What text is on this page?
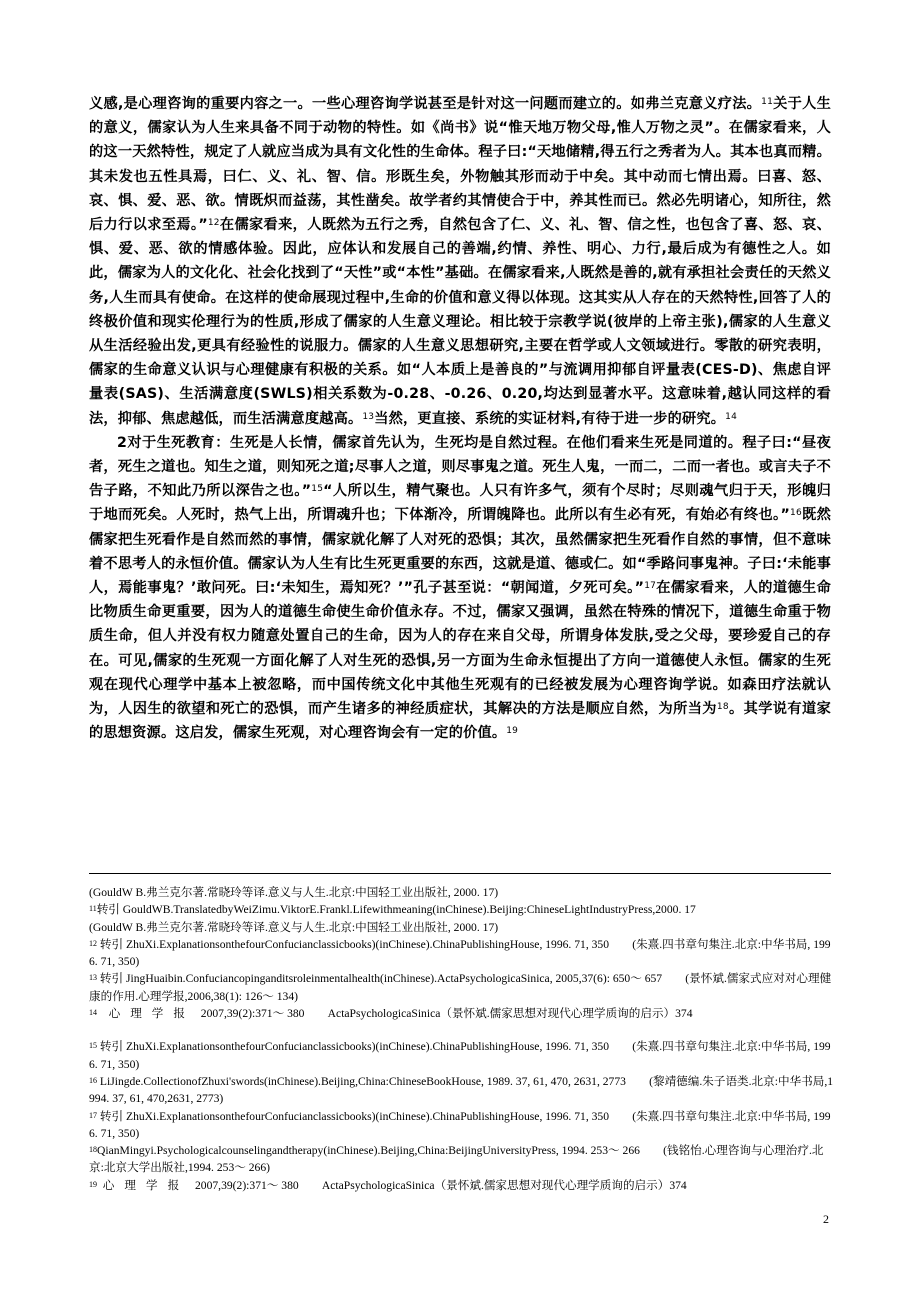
义感,是心理咨询的重要内容之一。一些心理咨询学说甚至是针对这一问题而建立的。如弗兰克意义疗法。$^{11}$关于人生的意义，儒家认为人生来具备不同于动物的特性。如《尚书》说“惟天地万物父母,惟人万物之灵”。在儒家看来，人的这一天然特性，规定了人就应当成为具有文化性的生命体。程子曰:“天地储精,得五行之秀者为人。其本也真而精。其未发也五性具焉，曰仁、义、礼、智、信。形既生矣，外物触其形而动于中矣。其中动而七情出焉。曰喜、怒、哀、惧、爱、恶、欲。情既炽而益荡，其性凿矣。故学者约其情使合于中，养其性而已。然必先明诸心，知所往，然后力行以求至焉。”$^{12}$在儒家看来，人既然为五行之秀，自然包含了仁、义、礼、智、信之性，也包含了喜、怒、哀、惧、爱、恶、欲的情感体验。因此，应体认和发展自己的善端,约情、养性、明心、力行,最后成为有德性之人。如此，儒家为人的文化化、社会化找到了“天性”或“本性”基础。在儒家看来,人既然是善的,就有承担社会责任的天然义务,人生而具有使命。在这样的使命展现过程中,生命的价值和意义得以体现。这其实从人存在的天然特性,回答了人的终极价值和现实伦理行为的性质,形成了儒家的人生意义理论。相比较于宗教学说(彼岸的上帝主张),儒家的人生意义从生活经验出发,更具有经验性的说服力。儒家的人生意义思想研究,主要在哲学或人文领域进行。零散的研究表明，儒家的生命意义认识与心理健康有积极的关系。如“人本质上是善良的”与流调用抑郁自评量表(CES-D)、焦虑自评量表(SAS)、生活满意度(SWLS)相关系数为-0.28、-0.26、0.20,均达到显著水平。这意味着,越认同这样的看法，抑郁、焦虑越低，而生活满意度越高。$^{13}$当然，更直接、系统的实证材料,有待于进一步的研究。$^{14}$

2对于生死教育：生死是人长情，儒家首先认为，生死均是自然过程。在他们看来生死是同道的。程子曰:“昼夜者，死生之道也。知生之道，则知死之道;尽事人之道，则尽事鬼之道。死生人鬼，一而二，二而一者也。或言夫子不告子路，不知此乃所以深告之也。”$^{15}$“人所以生，精气聚也。人只有许多气，须有个尽时；尽则魂气归于天，形魄归于地而死矣。人死时，热气上出，所谓魂升也；下体渐冷，所谓魄降也。此所以有生必有死，有始必有终也。”$^{16}$既然儒家把生死看作是自然而然的事情，儒家就化解了人对死的恐惧；其次，虽然儒家把生死看作自然的事情，但不意味着不思考人的永恒价值。儒家认为人生有比生死更重要的东西，这就是道、德或仁。如“季路问事鬼神。子曰:‘未能事人，焉能事鬼？’敢问死。曰:‘未知生，焉知死？’”孔子甚至说：“朝闻道，夕死可矣。”$^{17}$在儒家看来，人的道德生命比物质生命更重要，因为人的道德生命使生命价值永存。不过，儒家又强调，虽然在特殊的情况下，道德生命重于物质生命，但人并没有权力随意处置自己的生命，因为人的存在来自父母，所谓身体发肤,受之父母，要珍爱自己的存在。可见,儒家的生死观一方面化解了人对生死的恐惧,另一方面为生命永恒提出了方向一道德使人永恒。儒家的生死观在现代心理学中基本上被忽略，而中国传统文化中其他生死观有的已经被发展为心理咨询学说。如森田疗法就认为，人因生的欲望和死亡的恐惧，而产生诸多的神经质症状，其解决的方法是顺应自然，为所当为$^{18}$。其学说有道家的思想资源。这启发，儒家生死观，对心理咨询会有一定的价值。$^{19}$

(GouldW B.弗兰克尔著.常晓玲等译.意义与人生.北京:中国轻工业出版社, 2000. 17)

$^{11}$转引 GouldWB.TranslatedbyWeiZimu.ViktorE.Frankl.Lifewithmeaning(inChinese).Beijing:ChineseLightIndustryPress,2000. 17

(GouldW B.弗兰克尔著.常晓玲等译.意义与人生.北京:中国轻工业出版社, 2000. 17)

$^{12}$ 转引 ZhuXi.ExplanationsonthefourConfucianclassicbooks)(inChinese).ChinaPublishingHouse, 1996. 71, 350 (朱熹.四书章句集注.北京:中华书局, 1996. 71, 350)

$^{13}$ 转引 JingHuaibin.Confuciancopinganditsroleinmentalhealth(inChinese).ActaPsychologicaSinica, 2005,37(6): 650～ 657 (景怀斌.儒家式应对对心理健康的作用.心理学报,2006,38(1): 126～ 134)

$^{14}$ 心理学报 2007,39(2):371～ 380 ActaPsychologicaSinica（景怀斌.儒家思想对现代心理学质询的启示）374

$^{15}$ 转引 ZhuXi.ExplanationsonthefourConfucianclassicbooks)(inChinese).ChinaPublishingHouse, 1996. 71, 350 (朱熹.四书章句集注.北京:中华书局, 1996. 71, 350)

$^{16}$ LiJingde.CollectionofZhuxi'swords(inChinese).Beijing,China:ChineseBookHouse, 1989. 37, 61, 470, 2631, 2773 (黎靖德编.朱子语类.北京:中华书局,1994. 37, 61, 470,2631, 2773)

$^{17}$ 转引 ZhuXi.ExplanationsonthefourConfucianclassicbooks)(inChinese).ChinaPublishingHouse, 1996. 71, 350 (朱熹.四书章句集注.北京:中华书局, 1996. 71, 350)

$^{18}$QianMingyi.Psychologicalcounselingandtherapy(inChinese).Beijing,China:BeijingUniversityPress, 1994. 253～ 266 (钱铭怡.心理咨询与心理治疗.北京:北京大学出版社,1994. 253～ 266)

$^{19}$ 心理学报 2007,39(2):371～ 380 ActaPsychologicaSinica（景怀斌.儒家思想对现代心理学质询的启示）374

2
